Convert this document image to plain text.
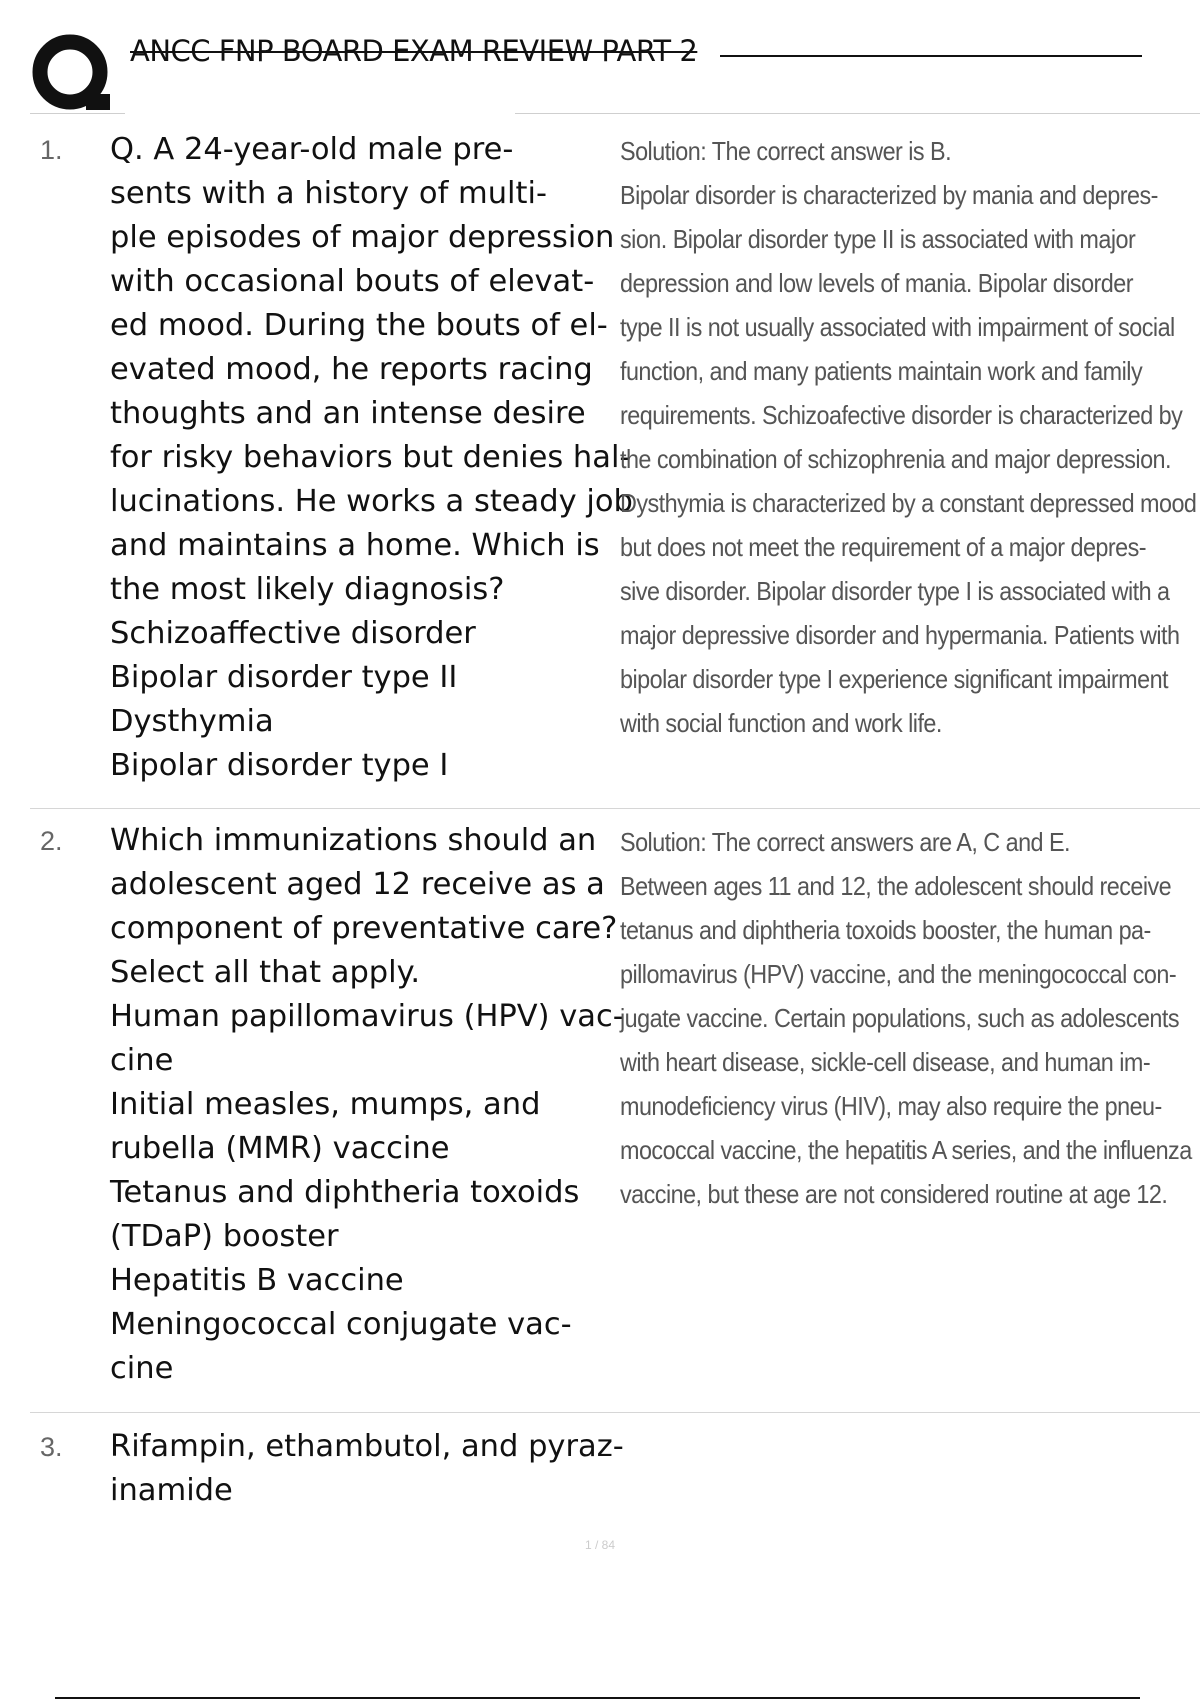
ANCC FNP BOARD EXAM REVIEW PART 2
1. Q. A 24-year-old male pre-
sents with a history of multi-
ple episodes of major depression
with occasional bouts of elevat-
ed mood. During the bouts of el-
evated mood, he reports racing
thoughts and an intense desire
for risky behaviors but denies hal-
lucinations. He works a steady job
and maintains a home. Which is
the most likely diagnosis?
Schizoaffective disorder
Bipolar disorder type II
Dysthymia
Bipolar disorder type I
Solution: The correct answer is B.
Bipolar disorder is characterized by mania and depres-
sion. Bipolar disorder type II is associated with major
depression and low levels of mania. Bipolar disorder
type II is not usually associated with impairment of social
function, and many patients maintain work and family
requirements. Schizoafective disorder is characterized by
the combination of schizophrenia and major depression.
Dysthymia is characterized by a constant depressed mood
but does not meet the requirement of a major depres-
sive disorder. Bipolar disorder type I is associated with a
major depressive disorder and hypermania. Patients with
bipolar disorder type I experience significant impairment
with social function and work life.
2. Which immunizations should an
adolescent aged 12 receive as a
component of preventative care?
Select all that apply.
Human papillomavirus (HPV) vac-
cine
Initial measles, mumps, and
rubella (MMR) vaccine
Tetanus and diphtheria toxoids
(TDaP) booster
Hepatitis B vaccine
Meningococcal conjugate vac-
cine
Solution: The correct answers are A, C and E.
Between ages 11 and 12, the adolescent should receive
tetanus and diphtheria toxoids booster, the human pa-
pillomavirus (HPV) vaccine, and the meningococcal con-
jugate vaccine. Certain populations, such as adolescents
with heart disease, sickle-cell disease, and human im-
munodeficiency virus (HIV), may also require the pneu-
mococcal vaccine, the hepatitis A series, and the influenza
vaccine, but these are not considered routine at age 12.
3. Rifampin, ethambutol, and pyraz-
inamide
1 / 84
